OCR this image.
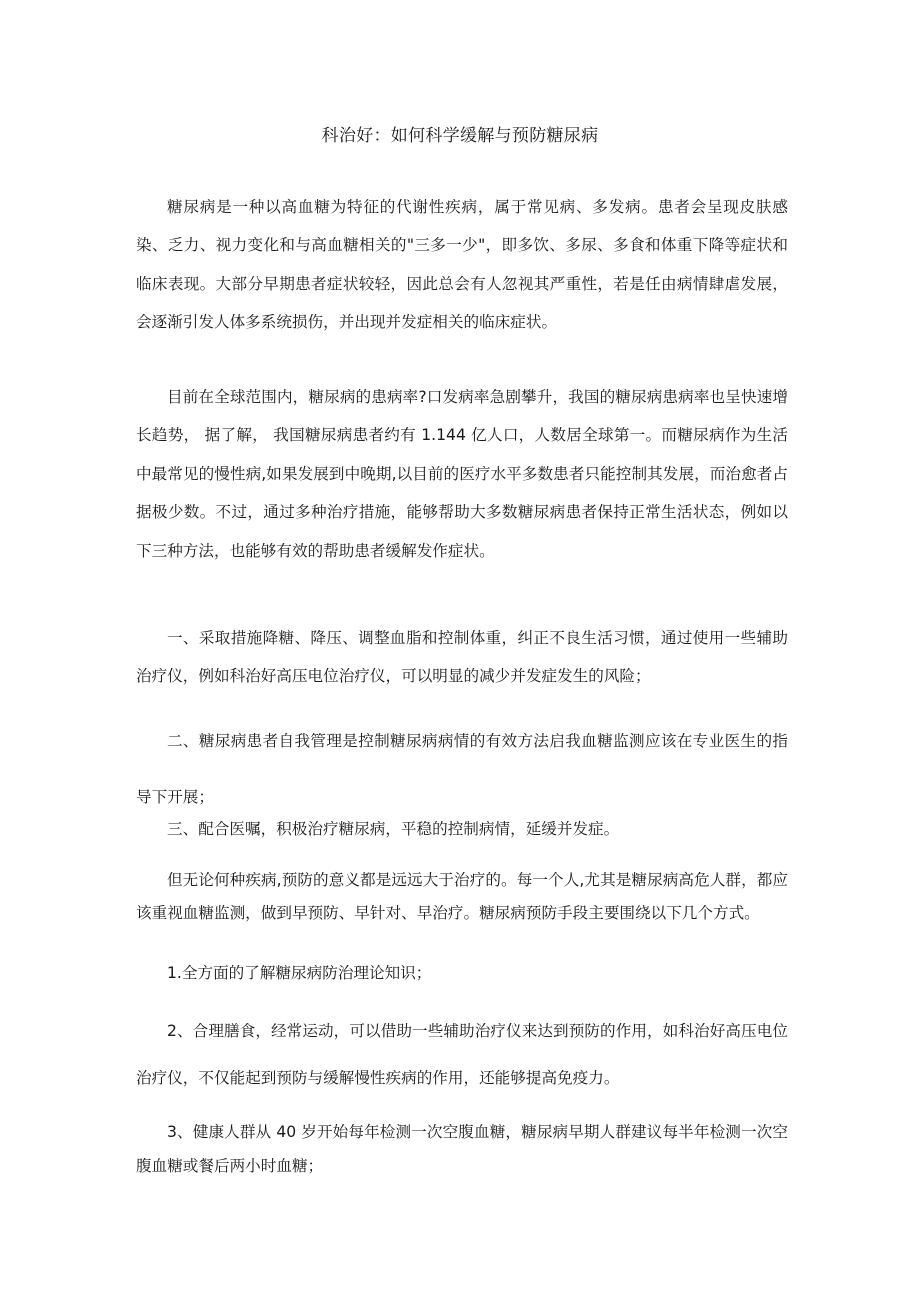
科治好：如何科学缓解与预防糖尿病

糖尿病是一种以高血糖为特征的代谢性疾病，属于常见病、多发病。患者会呈现皮肤感染、乏力、视力变化和与高血糖相关的"三多一少"，即多饮、多尿、多食和体重下降等症状和临床表现。大部分早期患者症状较轻，因此总会有人忽视其严重性，若是任由病情肆虐发展，会逐渐引发人体多系统损伤，并出现并发症相关的临床症状。

目前在全球范围内，糖尿病的患病率?口发病率急剧攀升，我国的糖尿病患病率也呈快速增长趋势， 据了解， 我国糖尿病患者约有 1.144 亿人口，人数居全球第一。而糖尿病作为生活中最常见的慢性病,如果发展到中晚期,以目前的医疗水平多数患者只能控制其发展，而治愈者占据极少数。不过，通过多种治疗措施，能够帮助大多数糖尿病患者保持正常生活状态，例如以下三种方法，也能够有效的帮助患者缓解发作症状。

一、采取措施降糖、降压、调整血脂和控制体重，纠正不良生活习惯，通过使用一些辅助治疗仪，例如科治好高压电位治疗仪，可以明显的减少并发症发生的风险；

二、糖尿病患者自我管理是控制糖尿病病情的有效方法启我血糖监测应该在专业医生的指导下开展；

三、配合医嘱，积极治疗糖尿病，平稳的控制病情，延缓并发症。

但无论何种疾病,预防的意义都是远远大于治疗的。每一个人,尤其是糖尿病高危人群，都应该重视血糖监测，做到早预防、早针对、早治疗。糖尿病预防手段主要围绕以下几个方式。

1.全方面的了解糖尿病防治理论知识；

2、合理膳食，经常运动，可以借助一些辅助治疗仪来达到预防的作用，如科治好高压电位治疗仪，不仅能起到预防与缓解慢性疾病的作用，还能够提高免疫力。

3、健康人群从 40 岁开始每年检测一次空腹血糖，糖尿病早期人群建议每半年检测一次空腹血糖或餐后两小时血糖；
